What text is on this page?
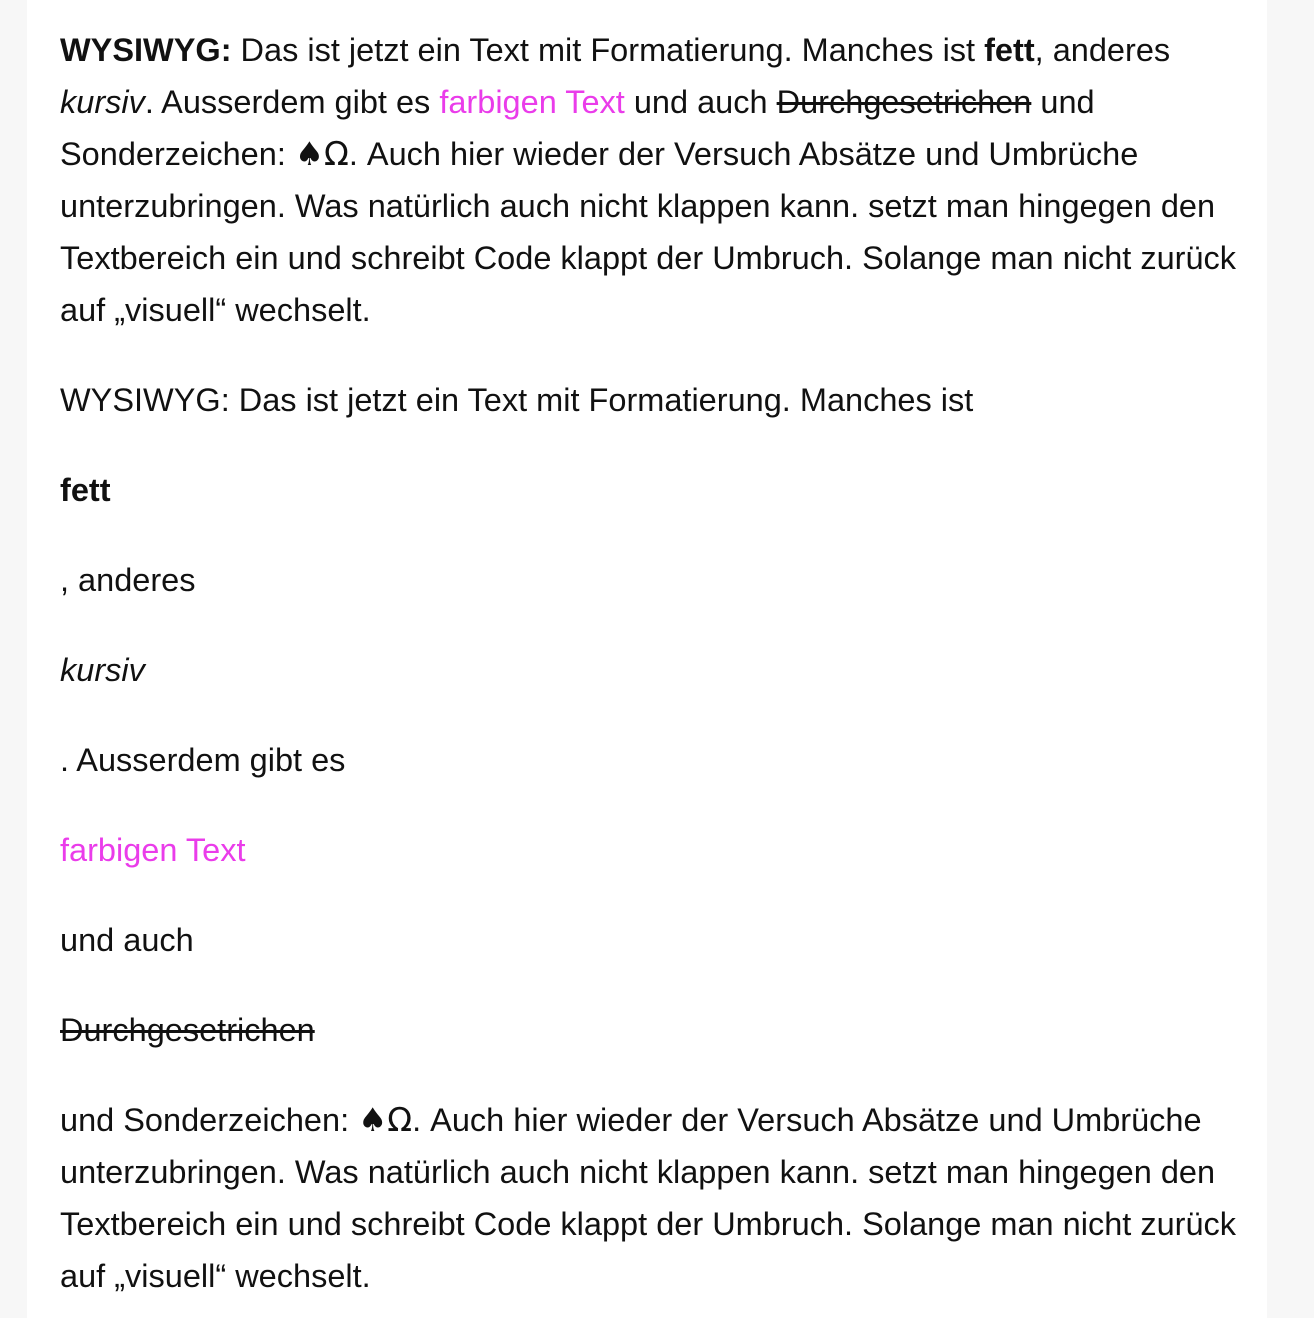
WYSIWYG: Das ist jetzt ein Text mit Formatierung. Manches ist fett, anderes kursiv. Ausserdem gibt es farbigen Text und auch Durchgesetrichen und Sonderzeichen: ♠Ω. Auch hier wieder der Versuch Absätze und Umbrüche unterzubringen. Was natürlich auch nicht klappen kann. setzt man hingegen den Textbereich ein und schreibt Code klappt der Umbruch. Solange man nicht zurück auf „visuell“ wechselt.

WYSIWYG: Das ist jetzt ein Text mit Formatierung. Manches ist

fett

, anderes

kursiv

. Ausserdem gibt es

farbigen Text

und auch

Durchgesetrichen

und Sonderzeichen: ♠Ω. Auch hier wieder der Versuch Absätze und Umbrüche unterzubringen. Was natürlich auch nicht klappen kann. setzt man hingegen den Textbereich ein und schreibt Code klappt der Umbruch. Solange man nicht zurück auf „visuell“ wechselt.
